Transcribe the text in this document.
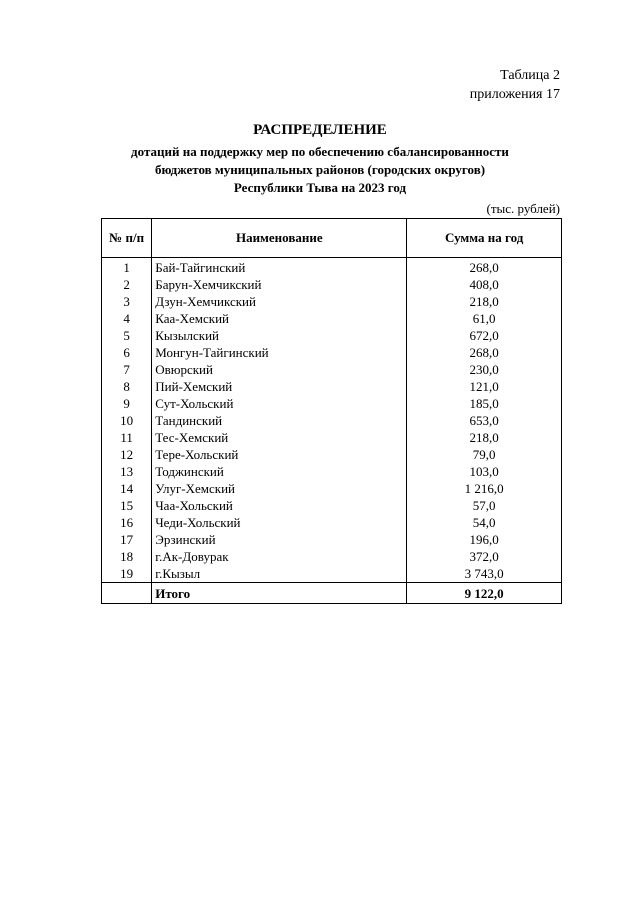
Таблица 2
приложения 17
РАСПРЕДЕЛЕНИЕ
дотаций на поддержку мер по обеспечению сбалансированности
бюджетов муниципальных районов (городских округов)
Республики Тыва на 2023 год
(тыс. рублей)
№ п/п	Наименование	Сумма на год
1	Бай-Тайгинский	268,0
2	Барун-Хемчикский	408,0
3	Дзун-Хемчикский	218,0
4	Каа-Хемский	61,0
5	Кызылский	672,0
6	Монгун-Тайгинский	268,0
7	Овюрский	230,0
8	Пий-Хемский	121,0
9	Сут-Хольский	185,0
10	Тандинский	653,0
11	Тес-Хемский	218,0
12	Тере-Хольский	79,0
13	Тоджинский	103,0
14	Улуг-Хемский	1 216,0
15	Чаа-Хольский	57,0
16	Чеди-Хольский	54,0
17	Эрзинский	196,0
18	г.Ак-Довурак	372,0
19	г.Кызыл	3 743,0
	Итого	9 122,0
